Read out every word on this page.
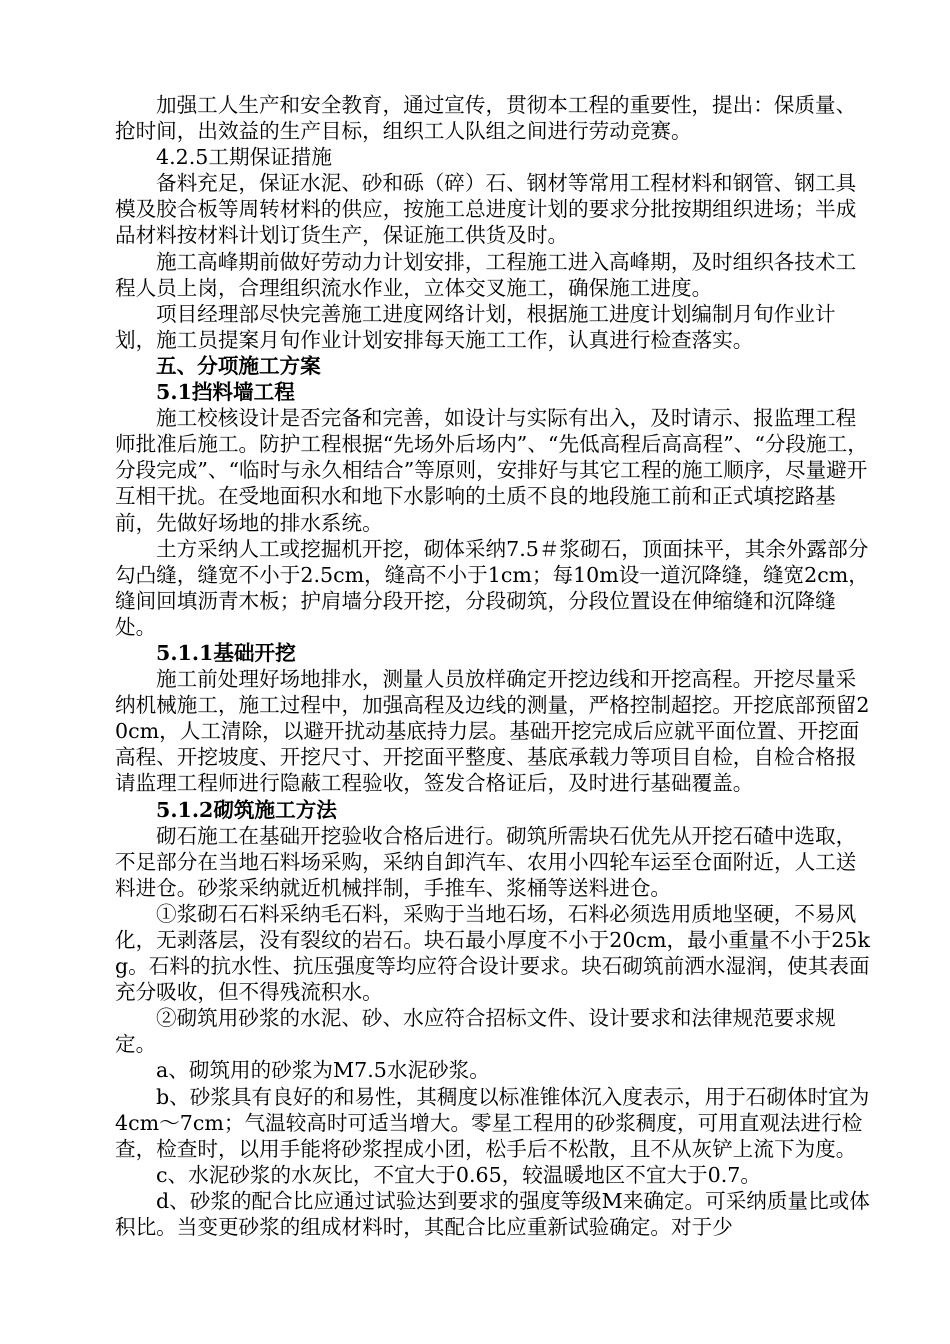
加强工人生产和安全教育，通过宣传，贯彻本工程的重要性，提出：保质量、抢时间，出效益的生产目标，组织工人队组之间进行劳动竞赛。

4.2.5工期保证措施

备料充足，保证水泥、砂和砾（碎）石、钢材等常用工程材料和钢管、钢工具模及胶合板等周转材料的供应，按施工总进度计划的要求分批按期组织进场；半成品材料按材料计划订货生产，保证施工供货及时。

施工高峰期前做好劳动力计划安排，工程施工进入高峰期，及时组织各技术工程人员上岗，合理组织流水作业，立体交叉施工，确保施工进度。

项目经理部尽快完善施工进度网络计划，根据施工进度计划编制月旬作业计划，施工员提案月旬作业计划安排每天施工工作，认真进行检查落实。

五、分项施工方案

5.1挡料墙工程

施工校核设计是否完备和完善，如设计与实际有出入，及时请示、报监理工程师批准后施工。防护工程根据“先场外后场内”、“先低高程后高高程”、“分段施工，分段完成”、“临时与永久相结合”等原则，安排好与其它工程的施工顺序，尽量避开互相干扰。在受地面积水和地下水影响的土质不良的地段施工前和正式填挖路基前，先做好场地的排水系统。

土方采纳人工或挖掘机开挖，砌体采纳7.5＃浆砌石，顶面抹平，其余外露部分勾凸缝，缝宽不小于2.5cm，缝高不小于1cm；每10m设一道沉降缝，缝宽2cm，缝间回填沥青木板；护肩墙分段开挖，分段砌筑，分段位置设在伸缩缝和沉降缝处。

5.1.1基础开挖

施工前处理好场地排水，测量人员放样确定开挖边线和开挖高程。开挖尽量采纳机械施工，施工过程中，加强高程及边线的测量，严格控制超挖。开挖底部预留20cm，人工清除，以避开扰动基底持力层。基础开挖完成后应就平面位置、开挖面高程、开挖坡度、开挖尺寸、开挖面平整度、基底承载力等项目自检，自检合格报请监理工程师进行隐蔽工程验收，签发合格证后，及时进行基础覆盖。

5.1.2砌筑施工方法

砌石施工在基础开挖验收合格后进行。砌筑所需块石优先从开挖石碴中选取，不足部分在当地石料场采购，采纳自卸汽车、农用小四轮车运至仓面附近，人工送料进仓。砂浆采纳就近机械拌制，手推车、浆桶等送料进仓。

①浆砌石石料采纳毛石料，采购于当地石场，石料必须选用质地坚硬，不易风化，无剥落层，没有裂纹的岩石。块石最小厚度不小于20cm，最小重量不小于25kg。石料的抗水性、抗压强度等均应符合设计要求。块石砌筑前洒水湿润，使其表面充分吸收，但不得残流积水。

②砌筑用砂浆的水泥、砂、水应符合招标文件、设计要求和法律规范要求规定。

a、砌筑用的砂浆为M7.5水泥砂浆。

b、砂浆具有良好的和易性，其稠度以标准锥体沉入度表示，用于石砌体时宜为4cm～7cm；气温较高时可适当增大。零星工程用的砂浆稠度，可用直观法进行检查，检查时，以用手能将砂浆捏成小团，松手后不松散，且不从灰铲上流下为度。

c、水泥砂浆的水灰比，不宜大于0.65，较温暖地区不宜大于0.7。

d、砂浆的配合比应通过试验达到要求的强度等级M来确定。可采纳质量比或体积比。当变更砂浆的组成材料时，其配合比应重新试验确定。对于少
